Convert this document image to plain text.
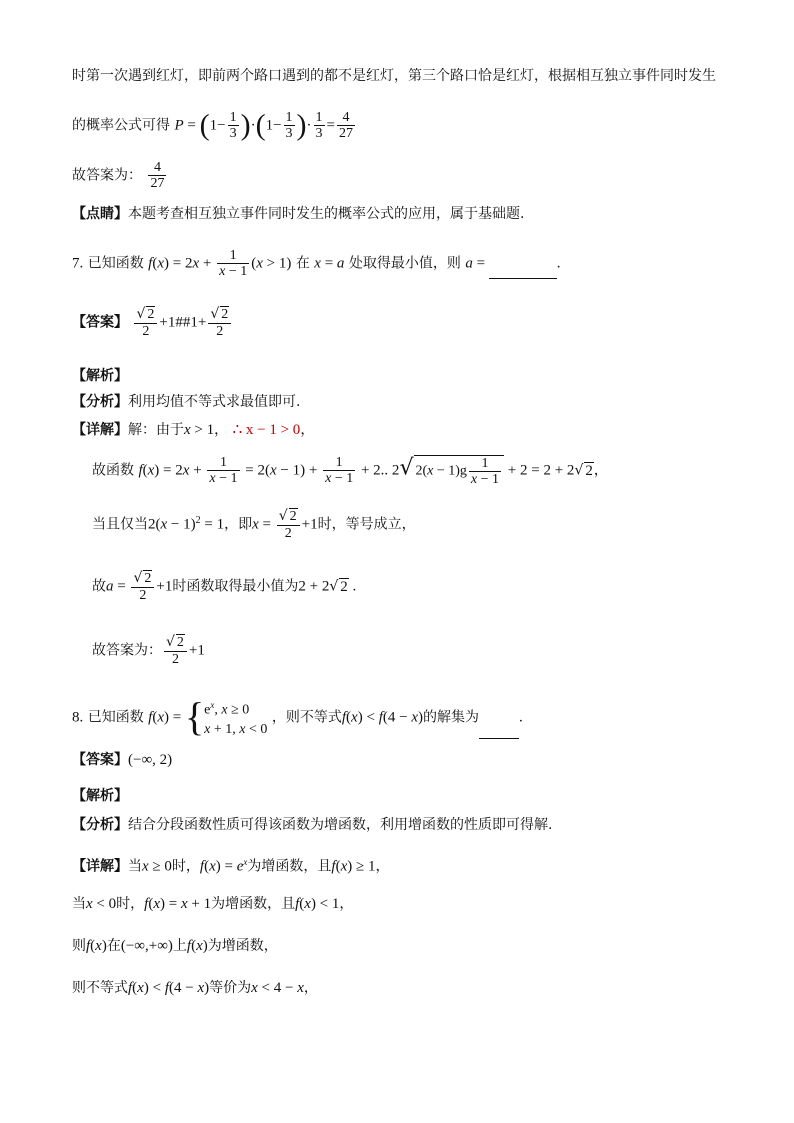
时第一次遇到红灯，即前两个路口遇到的都不是红灯，第三个路口恰是红灯，根据相互独立事件同时发生
的概率公式可得 $P = (1- \frac{1}{3} )\cdot(1- \frac{1}{3}$ )· $\frac{1}{3} = \frac{4}{27}$
故答案为： $\frac{4}{27}$
【点睛】本题考查相互独立事件同时发生的概率公式的应用，属于基础题.
7. 已知函数 $f(x) = 2x + \frac{1}{x - 1} (x > 1)$ 在 x = a 处取得最小值，则 a =	.
【答案】 $\frac{√ 2}{2}$ +1##1+ $\frac{√ 2}{2}$
【解析】
【分析】利用均值不等式求最值即可.
【详解】解：由于x > 1， ∴ x − 1 > 0，
故函数 $f(x) = 2x + \frac{1}{x - 1} = 2(x - 1) + \frac{1}{x - 1} + 2$.. 2√ $2(x - 1)g \frac{1}{x - 1} + 2 = 2 + 2√$ 2，
当且仅当$2(x - 1)^2 = 1$，即$x = \frac{√ 2}{2} +1$时，等号成立，
故$a = \frac{√ 2}{2} +1$时函数取得最小值为2 + 2√ 2 .
故答案为： $\frac{√ 2}{2} +1$
8. 已知函数 f(x) = { $e^x$, x ≥ 0
x + 1, x < 0
，则不等式f(x) < f(4 − x)的解集为	.
【答案】(−∞, 2)
【解析】
【分析】结合分段函数性质可得该函数为增函数，利用增函数的性质即可得解.
【详解】当x ≥ 0时，$f(x) = e^x$为增函数，且f(x) ≥ 1，
当x < 0时，f(x) = x + 1为增函数，且f(x) < 1，
则f(x)在(−∞,+∞)上f(x)为增函数，
则不等式f(x) < f(4 − x)等价为x < 4 − x，
